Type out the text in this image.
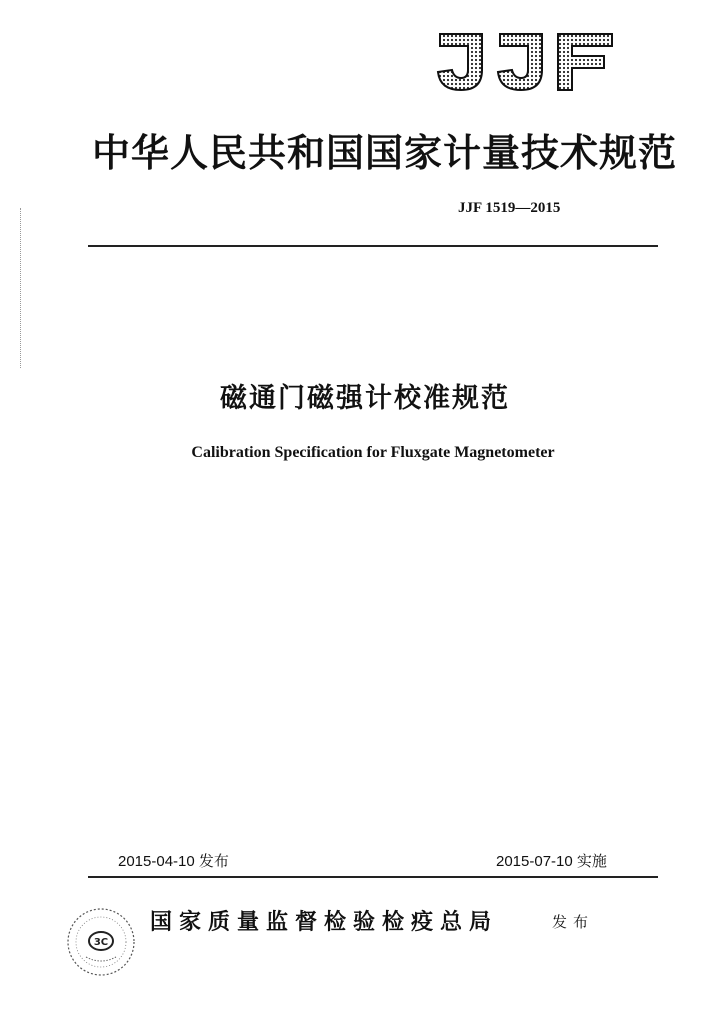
中华人民共和国国家计量技术规范
JJF 1519—2015
磁通门磁强计校准规范
Calibration Specification for Fluxgate Magnetometer
2015-04-10 发布	2015-07-10 实施
3C
国家质量监督检验检疫总局	发布
